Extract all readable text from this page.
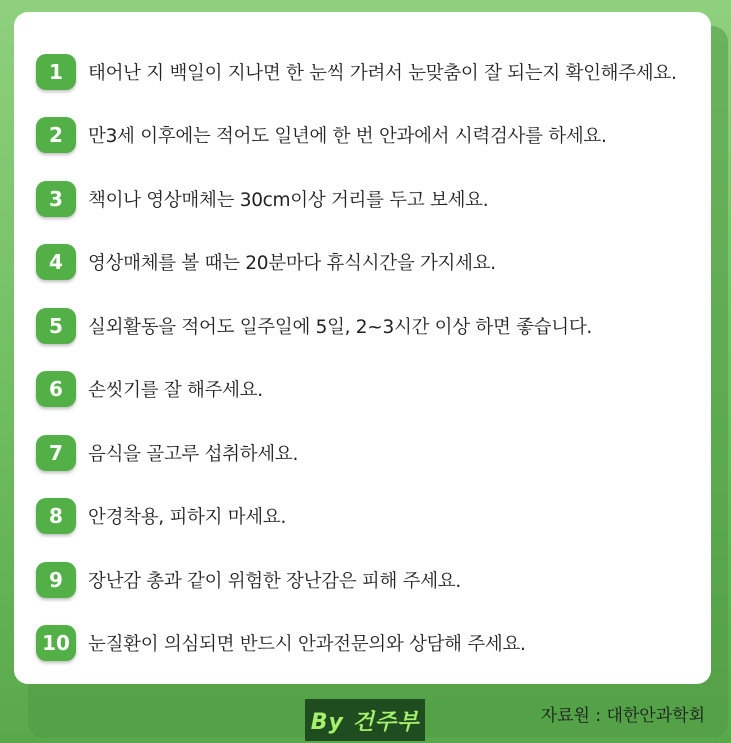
1	태어난 지 백일이 지나면 한 눈씩 가려서 눈맞춤이 잘 되는지 확인해주세요.
2	만3세 이후에는 적어도 일년에 한 번 안과에서 시력검사를 하세요.
3	책이나 영상매체는 30cm이상 거리를 두고 보세요.
4	영상매체를 볼 때는 20분마다 휴식시간을 가지세요.
5	실외활동을 적어도 일주일에 5일, 2~3시간 이상 하면 좋습니다.
6	손씻기를 잘 해주세요.
7	음식을 골고루 섭취하세요.
8	안경착용, 피하지 마세요.
9	장난감 총과 같이 위험한 장난감은 피해 주세요.
10 눈질환이 의심되면 반드시 안과전문의와 상담해 주세요.
By 건주부	자료원 : 대한안과학회
